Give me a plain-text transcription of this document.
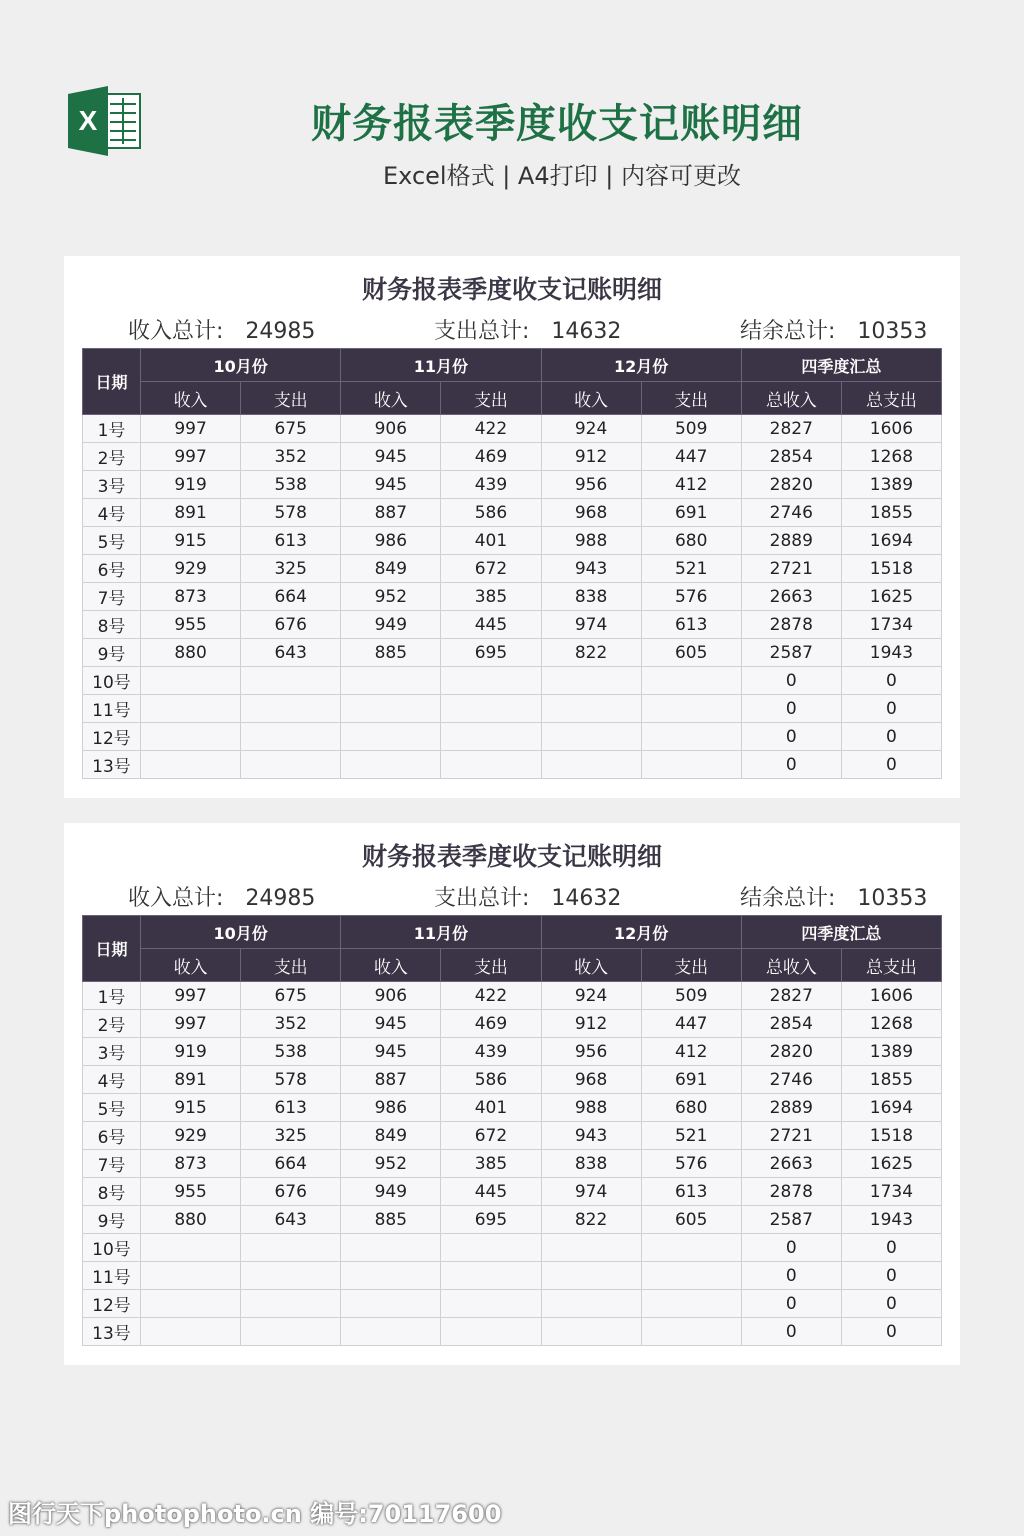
X	财务报表季度收支记账明细
Excel格式 | A4打印 | 内容可更改
财务报表季度收支记账明细
收入总计: 24985	支出总计: 14632	结余总计: 10353
日期	10月份		11月份		12月份		四季度汇总	
	收入	支出	收入	支出	收入	支出	总收入	总支出
1号	997	675	906	422	924	509	2827	1606
2号	997	352	945	469	912	447	2854	1268
3号	919	538	945	439	956	412	2820	1389
4号	891	578	887	586	968	691	2746	1855
5号	915	613	986	401	988	680	2889	1694
6号	929	325	849	672	943	521	2721	1518
7号	873	664	952	385	838	576	2663	1625
8号	955	676	949	445	974	613	2878	1734
9号	880	643	885	695	822	605	2587	1943
10号							0	0
11号							0	0
12号							0	0
13号							0	0
财务报表季度收支记账明细
收入总计: 24985	支出总计: 14632	结余总计: 10353
日期	10月份		11月份		12月份		四季度汇总	
	收入	支出	收入	支出	收入	支出	总收入	总支出
1号	997	675	906	422	924	509	2827	1606
2号	997	352	945	469	912	447	2854	1268
3号	919	538	945	439	956	412	2820	1389
4号	891	578	887	586	968	691	2746	1855
5号	915	613	986	401	988	680	2889	1694
6号	929	325	849	672	943	521	2721	1518
7号	873	664	952	385	838	576	2663	1625
8号	955	676	949	445	974	613	2878	1734
9号	880	643	885	695	822	605	2587	1943
10号							0	0
11号							0	0
12号							0	0
13号							0	0
图行天下photophoto.cn 编号:70117600
